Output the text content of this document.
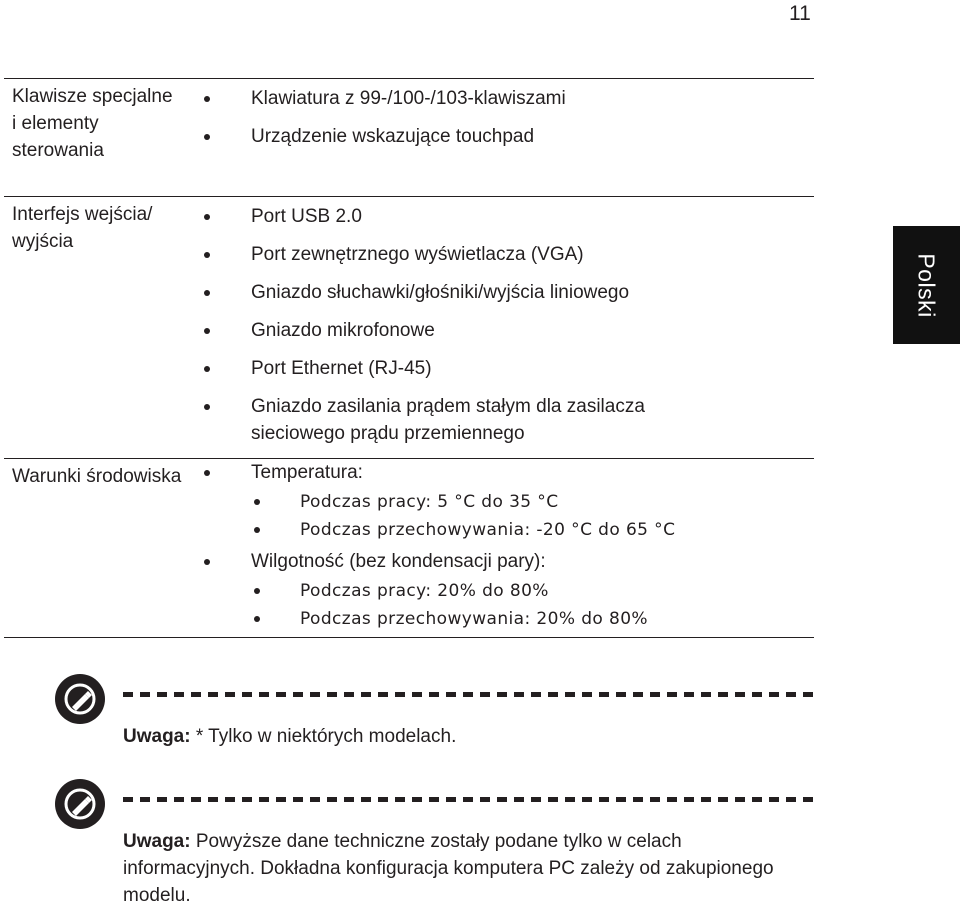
11
Polski

Klawisze specjalne i elementy sterowania

Klawiatura z 99-/100-/103-klawiszami
Urządzenie wskazujące touchpad

Interfejs wejścia/ wyjścia

Port USB 2.0
Port zewnętrznego wyświetlacza (VGA)
Gniazdo słuchawki/głośniki/wyjścia liniowego
Gniazdo mikrofonowe
Port Ethernet (RJ-45)
Gniazdo zasilania prądem stałym dla zasilacza sieciowego prądu przemiennego

Warunki środowiska	Temperatura:
Podczas pracy: 5 °C do 35 °C
Podczas przechowywania: -20 °C do 65 °C
Wilgotność (bez kondensacji pary):
Podczas pracy: 20% do 80%
Podczas przechowywania: 20% do 80%

Uwaga: * Tylko w niektórych modelach.

Uwaga: Powyższe dane techniczne zostały podane tylko w celach informacyjnych. Dokładna konfiguracja komputera PC zależy od zakupionego modelu.
